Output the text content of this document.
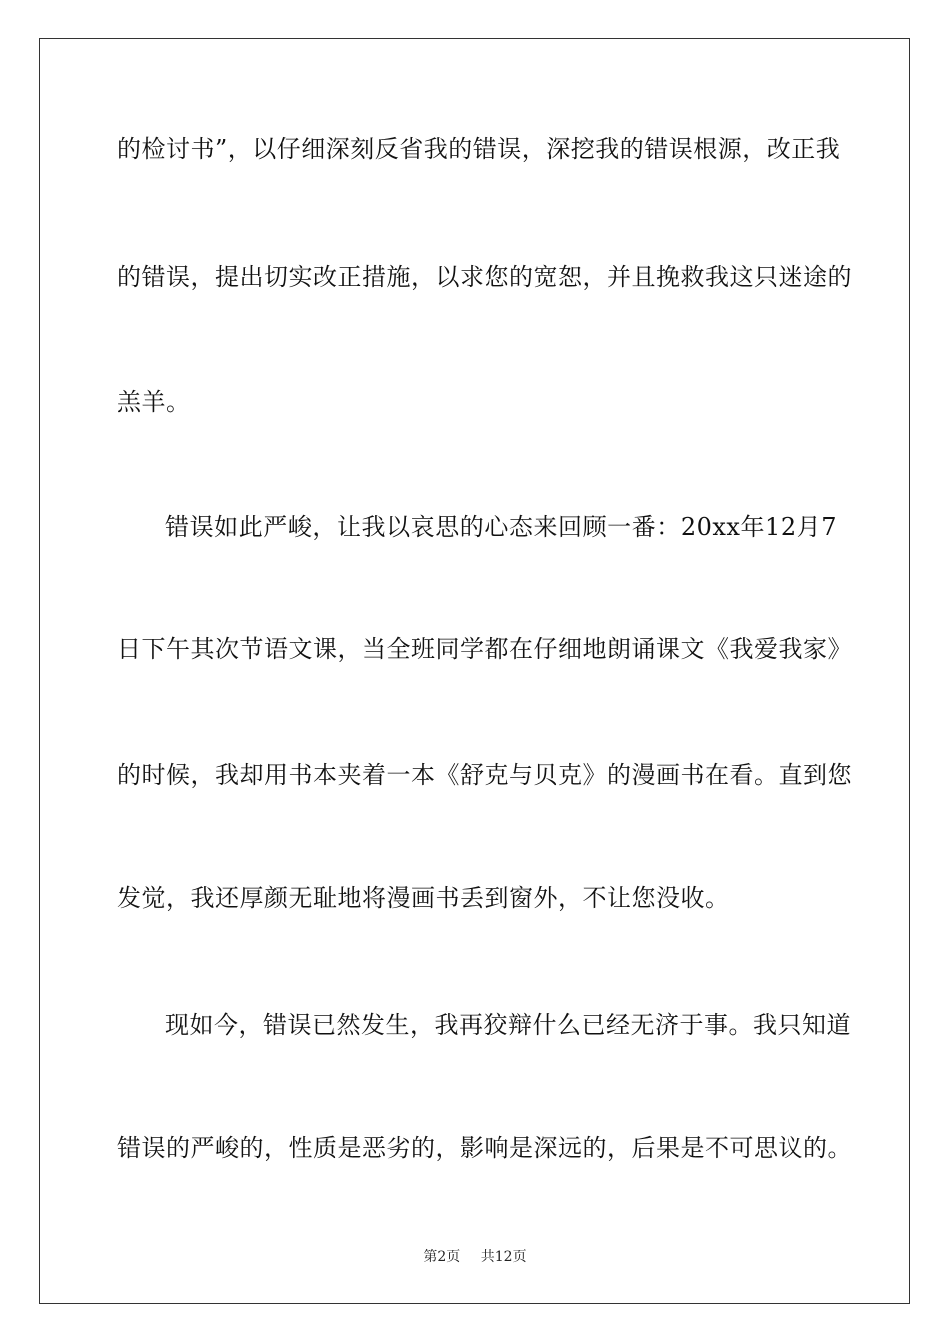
的检讨书”，以仔细深刻反省我的错误，深挖我的错误根源，改正我
的错误，提出切实改正措施，以求您的宽恕，并且挽救我这只迷途的
羔羊。
错误如此严峻，让我以哀思的心态来回顾一番：20xx年12月7
日下午其次节语文课，当全班同学都在仔细地朗诵课文《我爱我家》
的时候，我却用书本夹着一本《舒克与贝克》的漫画书在看。直到您
发觉，我还厚颜无耻地将漫画书丢到窗外，不让您没收。
现如今，错误已然发生，我再狡辩什么已经无济于事。我只知道
错误的严峻的，性质是恶劣的，影响是深远的，后果是不可思议的。
第2页 共12页
